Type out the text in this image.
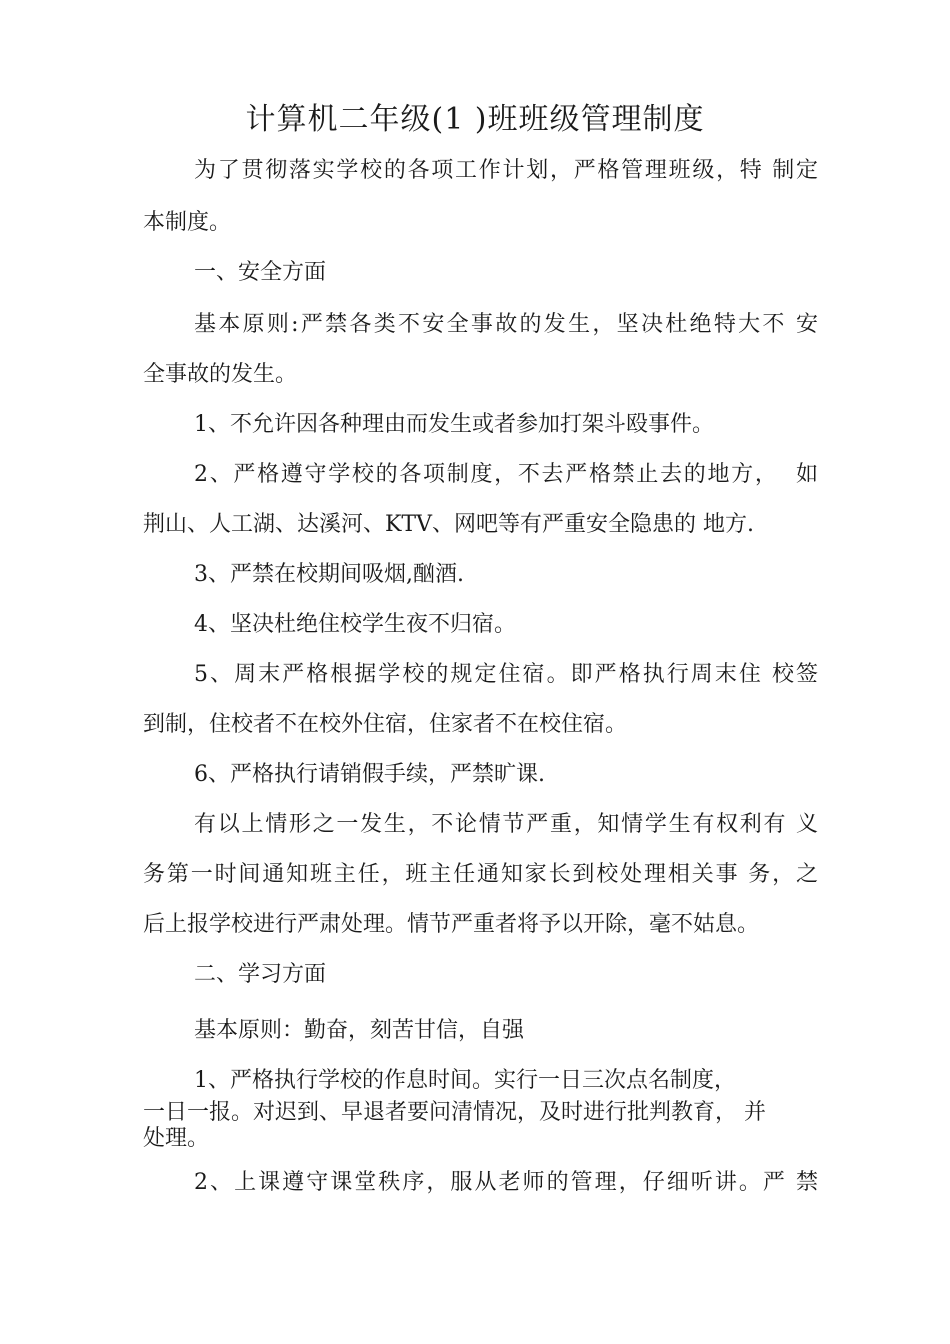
计算机二年级(1 )班班级管理制度
为了贯彻落实学校的各项工作计划，严格管理班级，特 制定
本制度。
一、安全方面
基本原则:严禁各类不安全事故的发生，坚决杜绝特大不 安
全事故的发生。
1、不允许因各种理由而发生或者参加打架斗殴事件。
2、严格遵守学校的各项制度，不去严格禁止去的地方，  如
荆山、人工湖、达溪河、KTV、网吧等有严重安全隐患的 地方.
3、严禁在校期间吸烟,酗酒.
4、坚决杜绝住校学生夜不归宿。
5、周末严格根据学校的规定住宿。即严格执行周末住 校签
到制，住校者不在校外住宿，住家者不在校住宿。
6、严格执行请销假手续，严禁旷课.
有以上情形之一发生，不论情节严重，知情学生有权利有 义
务第一时间通知班主任，班主任通知家长到校处理相关事 务，之
后上报学校进行严肃处理。情节严重者将予以开除，毫不姑息。
二、学习方面
基本原则：勤奋，刻苦甘信，自强
1、严格执行学校的作息时间。实行一日三次点名制度，
一日一报。对迟到、早退者要问清情况，及时进行批判教育， 并
处理。
2、上课遵守课堂秩序，服从老师的管理，仔细听讲。严 禁
